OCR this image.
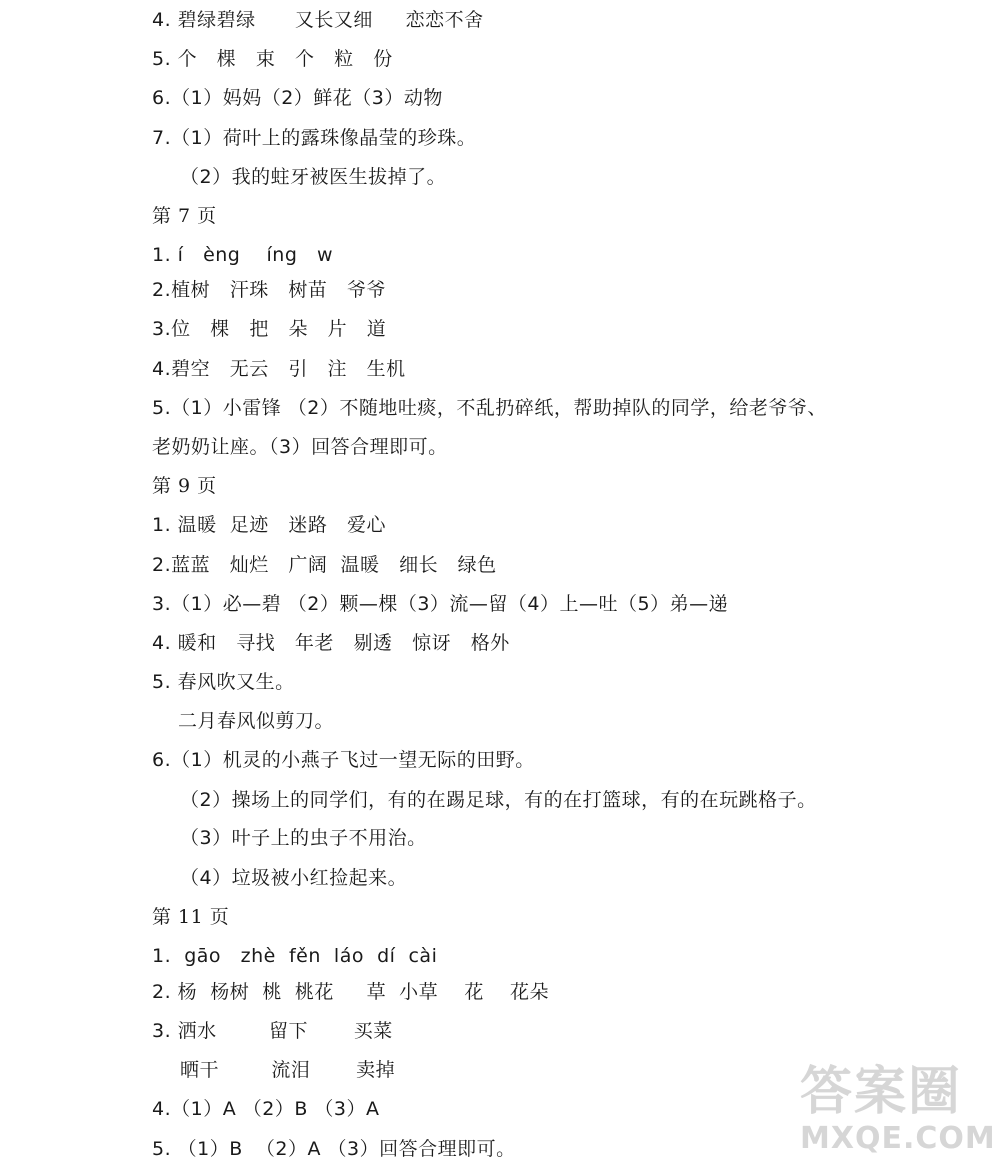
4. 碧绿碧绿      又长又细     恋恋不舍
5. 个   棵   束   个   粒   份
6.（1）妈妈（2）鲜花（3）动物
7.（1）荷叶上的露珠像晶莹的珍珠。
（2）我的蛀牙被医生拔掉了。
第 7 页
1. í   èng    íng   w
2.植树   汗珠   树苗   爷爷
3.位   棵   把   朵   片   道
4.碧空   无云   引   注   生机
5.（1）小雷锋 （2）不随地吐痰，不乱扔碎纸，帮助掉队的同学，给老爷爷、
老奶奶让座。（3）回答合理即可。
第 9 页
1. 温暖  足迹   迷路   爱心
2.蓝蓝   灿烂   广阔  温暖   细长   绿色
3.（1）必—碧 （2）颗—棵（3）流—留（4）上—吐（5）弟—递
4. 暖和   寻找   年老   剔透   惊讶   格外
5. 春风吹又生。
二月春风似剪刀。
6.（1）机灵的小燕子飞过一望无际的田野。
（2）操场上的同学们，有的在踢足球，有的在打篮球，有的在玩跳格子。
（3）叶子上的虫子不用治。
（4）垃圾被小红捡起来。
第 11 页
1.  gāo   zhè  fěn  láo  dí  cài
2. 杨  杨树  桃  桃花     草  小草    花    花朵
3. 洒水        留下       买菜
晒干        流泪       卖掉
4.（1）A （2）B （3）A
5. （1）B  （2）A （3）回答合理即可。
答案圈
MXQE.COM
